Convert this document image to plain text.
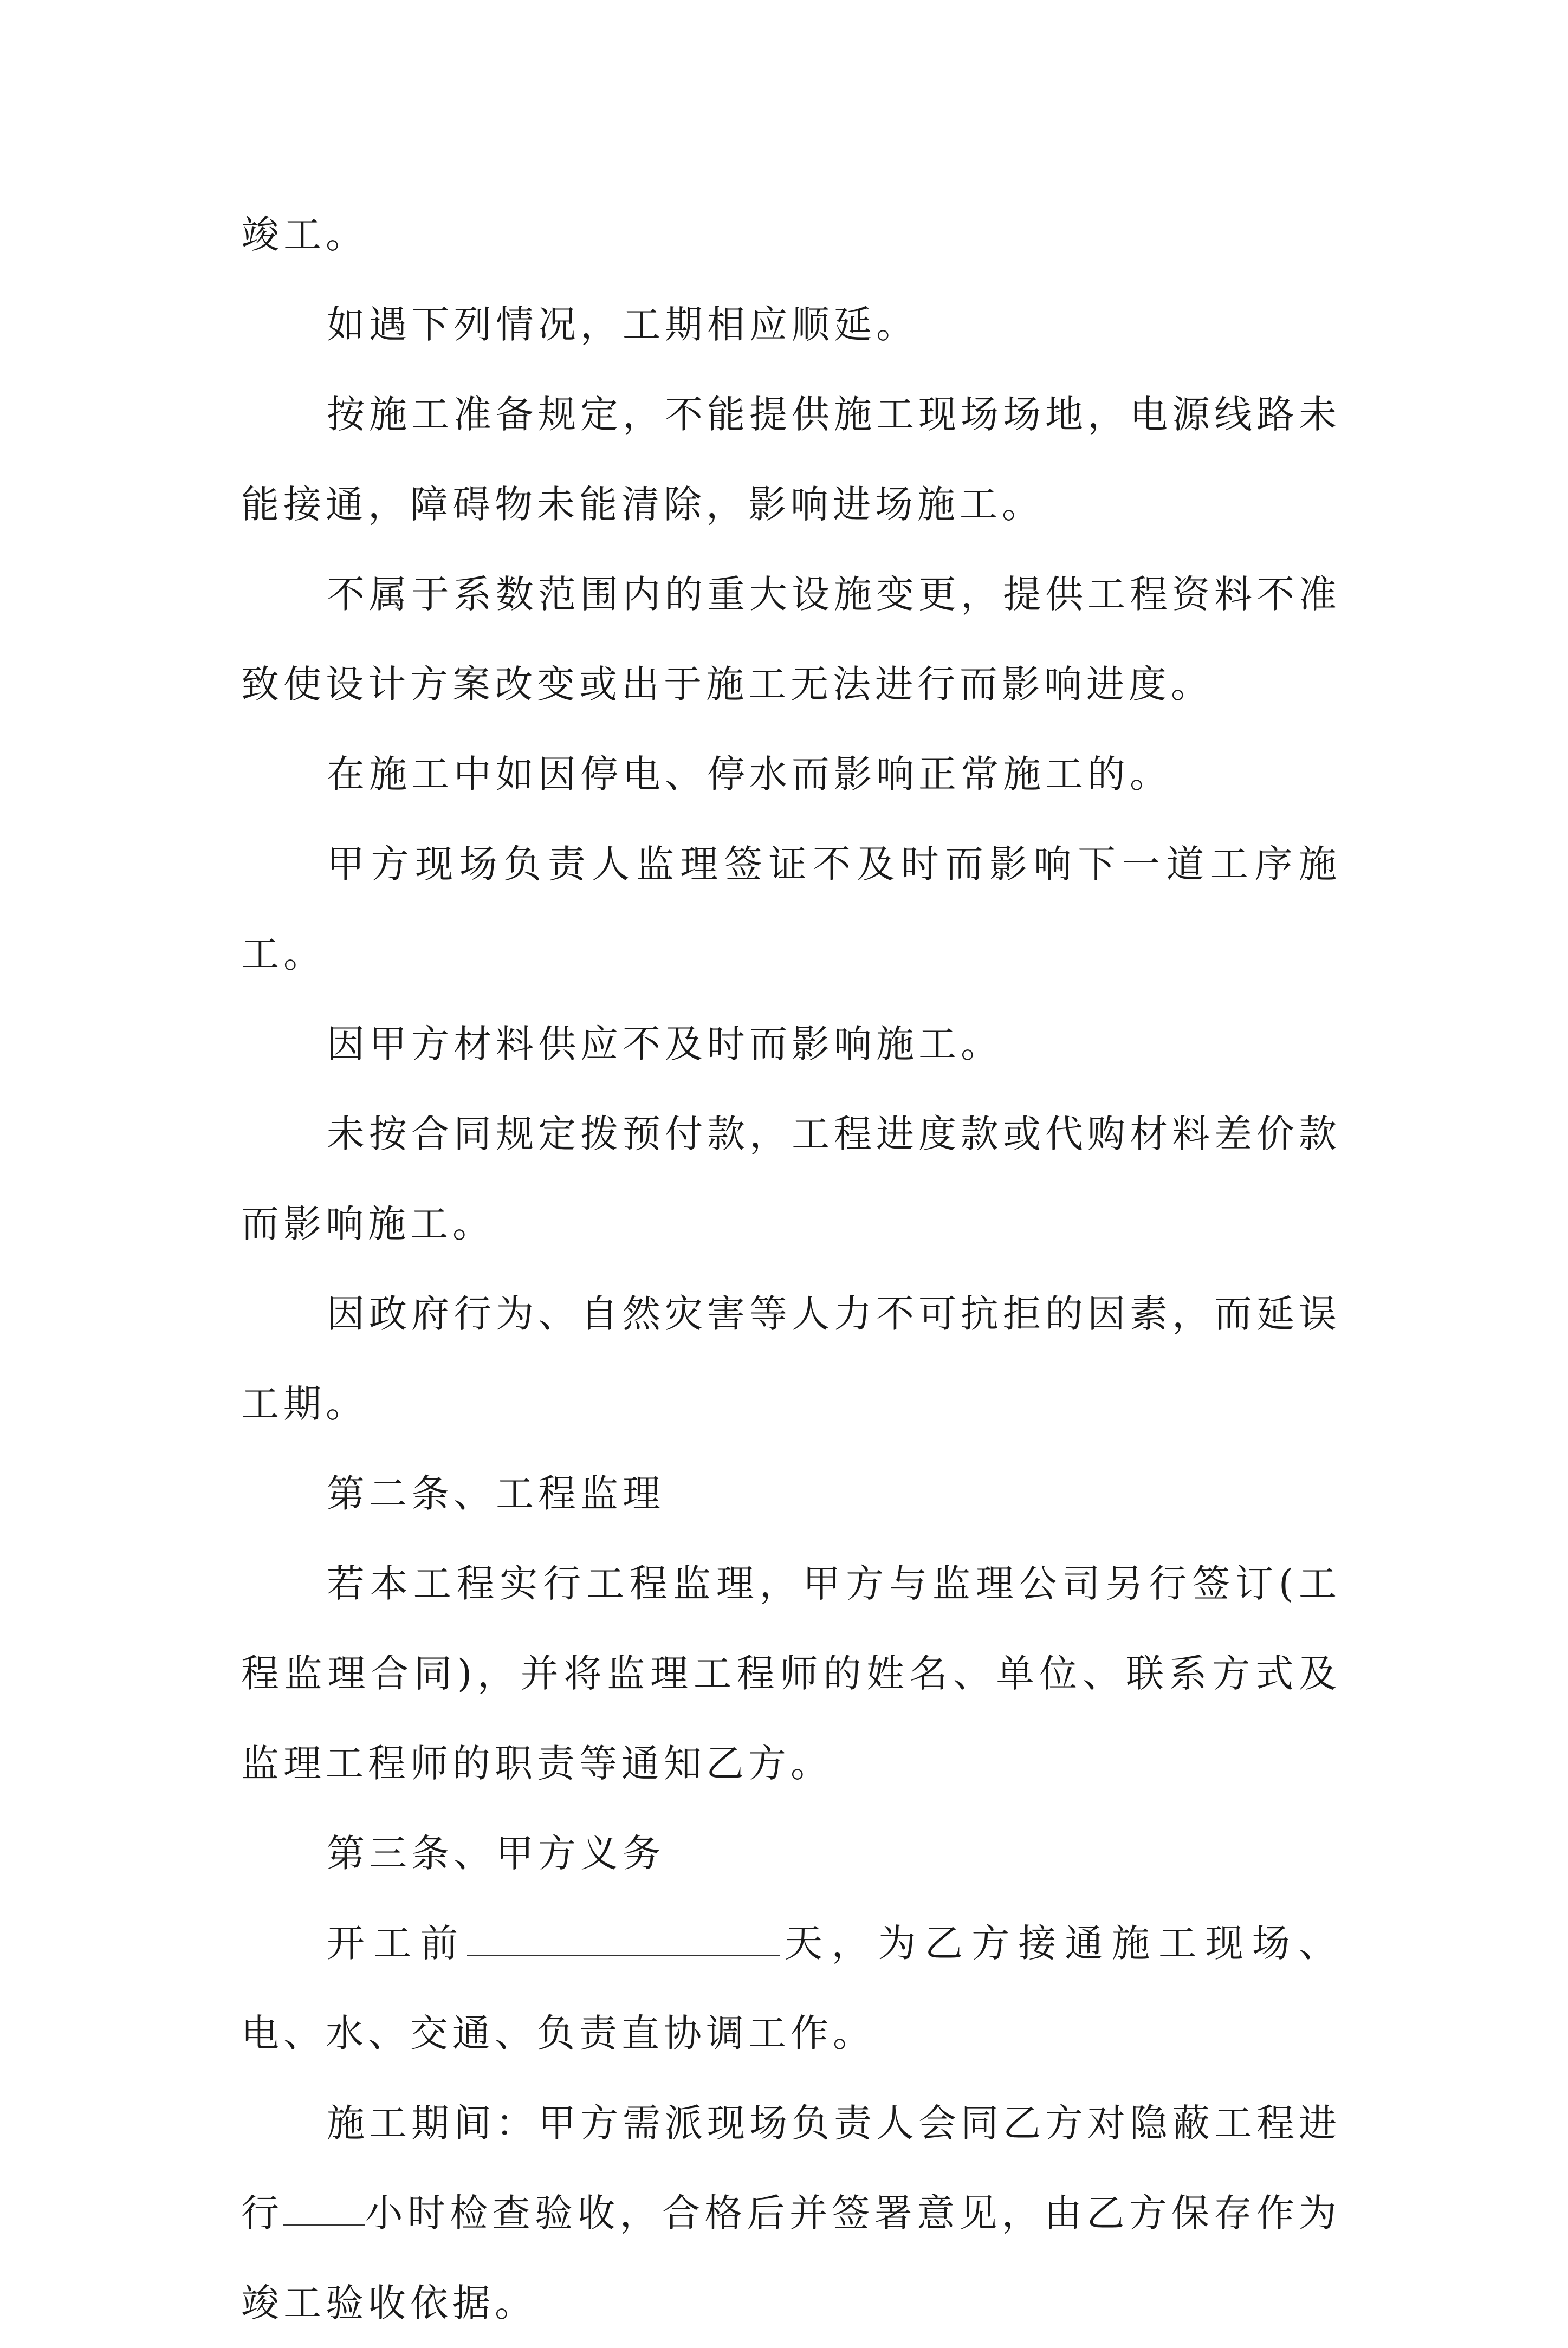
竣工。

如遇下列情况，工期相应顺延。

按施工准备规定，不能提供施工现场场地，电源线路未能接通，障碍物未能清除，影响进场施工。

不属于系数范围内的重大设施变更，提供工程资料不准致使设计方案改变或出于施工无法进行而影响进度。

在施工中如因停电、停水而影响正常施工的。

甲方现场负责人监理签证不及时而影响下一道工序施工。

因甲方材料供应不及时而影响施工。

未按合同规定拨预付款，工程进度款或代购材料差价款而影响施工。

因政府行为、自然灾害等人力不可抗拒的因素，而延误工期。

第二条、工程监理

若本工程实行工程监理，甲方与监理公司另行签订(工程监理合同)，并将监理工程师的姓名、单位、联系方式及监理工程师的职责等通知乙方。

第三条、甲方义务

开工前	天，为乙方接通施工现场、电、水、交通、负责直协调工作。

施工期间：甲方需派现场负责人会同乙方对隐蔽工程进行 小时检查验收，合格后并签署意见，由乙方保存作为竣工验收依据。
